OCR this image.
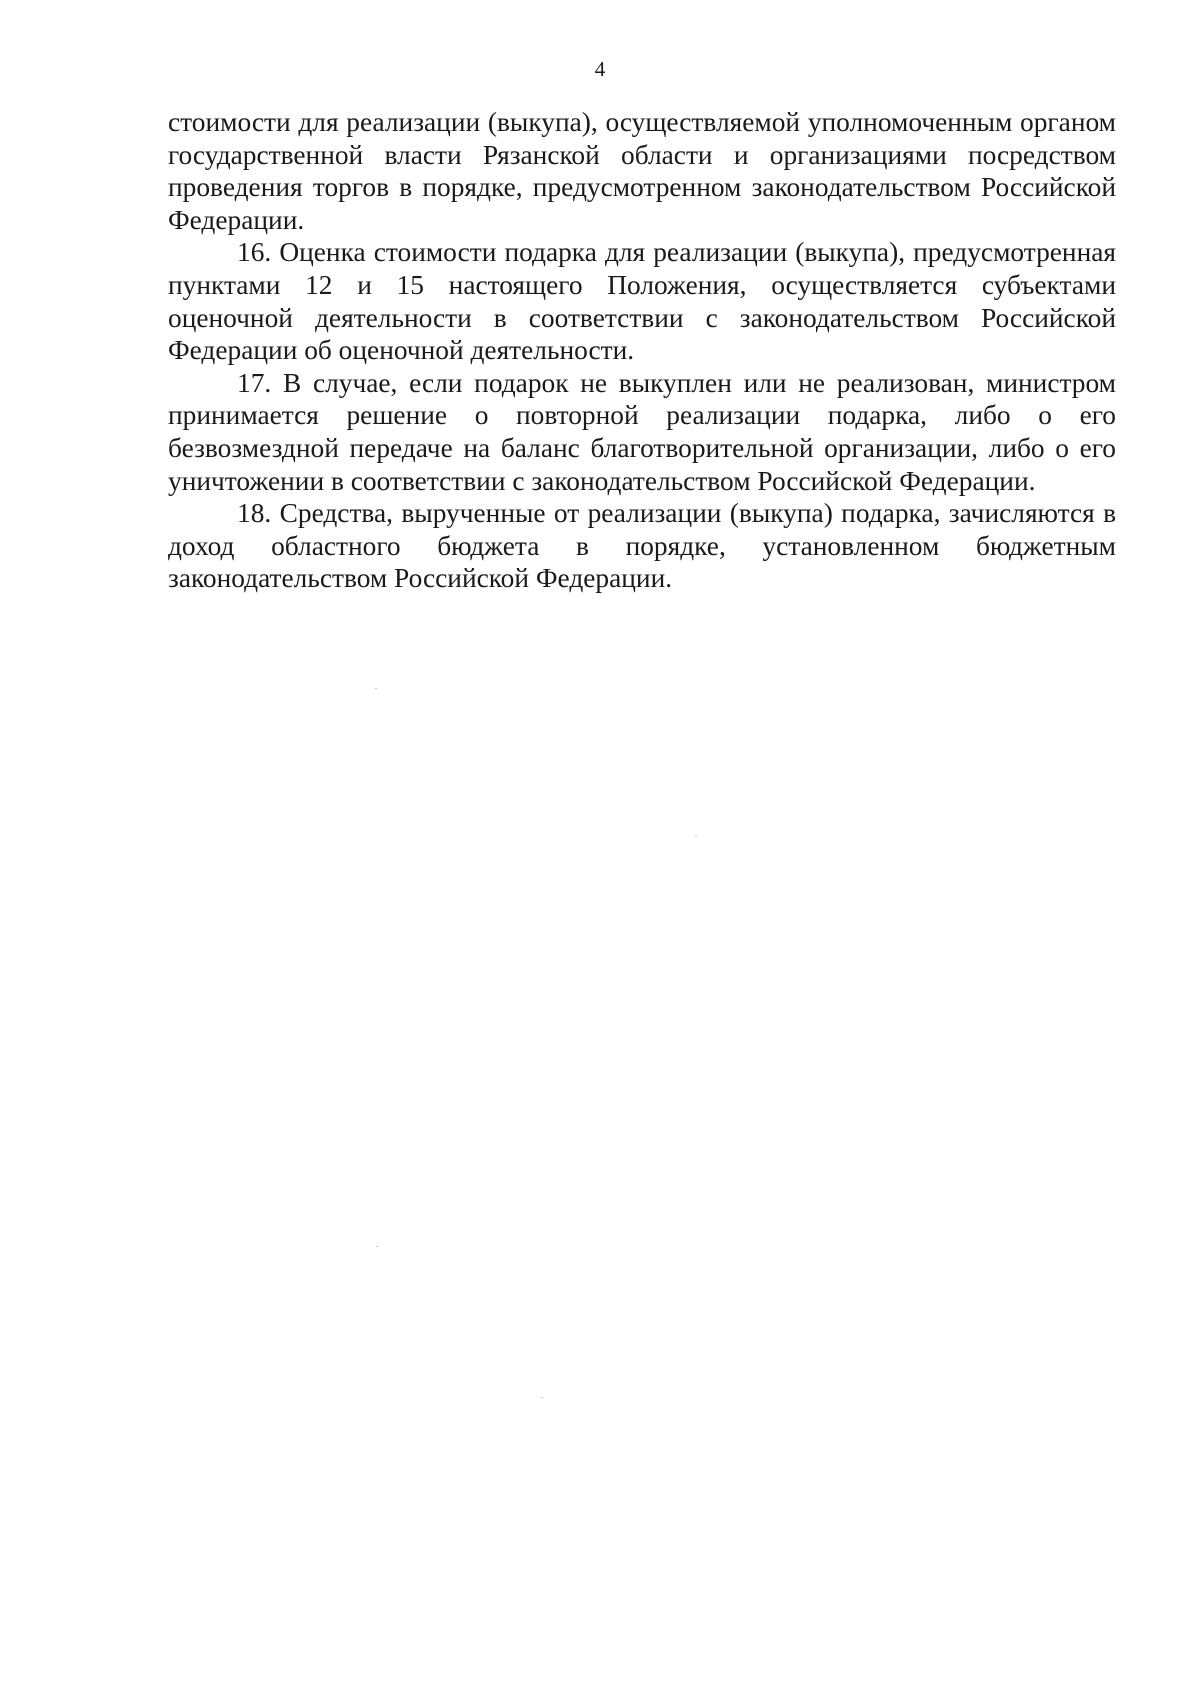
4

стоимости для реализации (выкупа), осуществляемой уполномоченным органом государственной власти Рязанской области и организациями посредством проведения торгов в порядке, предусмотренном законодательством Российской Федерации.

16. Оценка стоимости подарка для реализации (выкупа), предусмотренная пунктами 12 и 15 настоящего Положения, осуществляется субъектами оценочной деятельности в соответствии с законодательством Российской Федерации об оценочной деятельности.

17. В случае, если подарок не выкуплен или не реализован, министром принимается решение о повторной реализации подарка, либо о его безвозмездной передаче на баланс благотворительной организации, либо о его уничтожении в соответствии с законодательством Российской Федерации.

18. Средства, вырученные от реализации (выкупа) подарка, зачисляются в доход областного бюджета в порядке, установленном бюджетным законодательством Российской Федерации.
